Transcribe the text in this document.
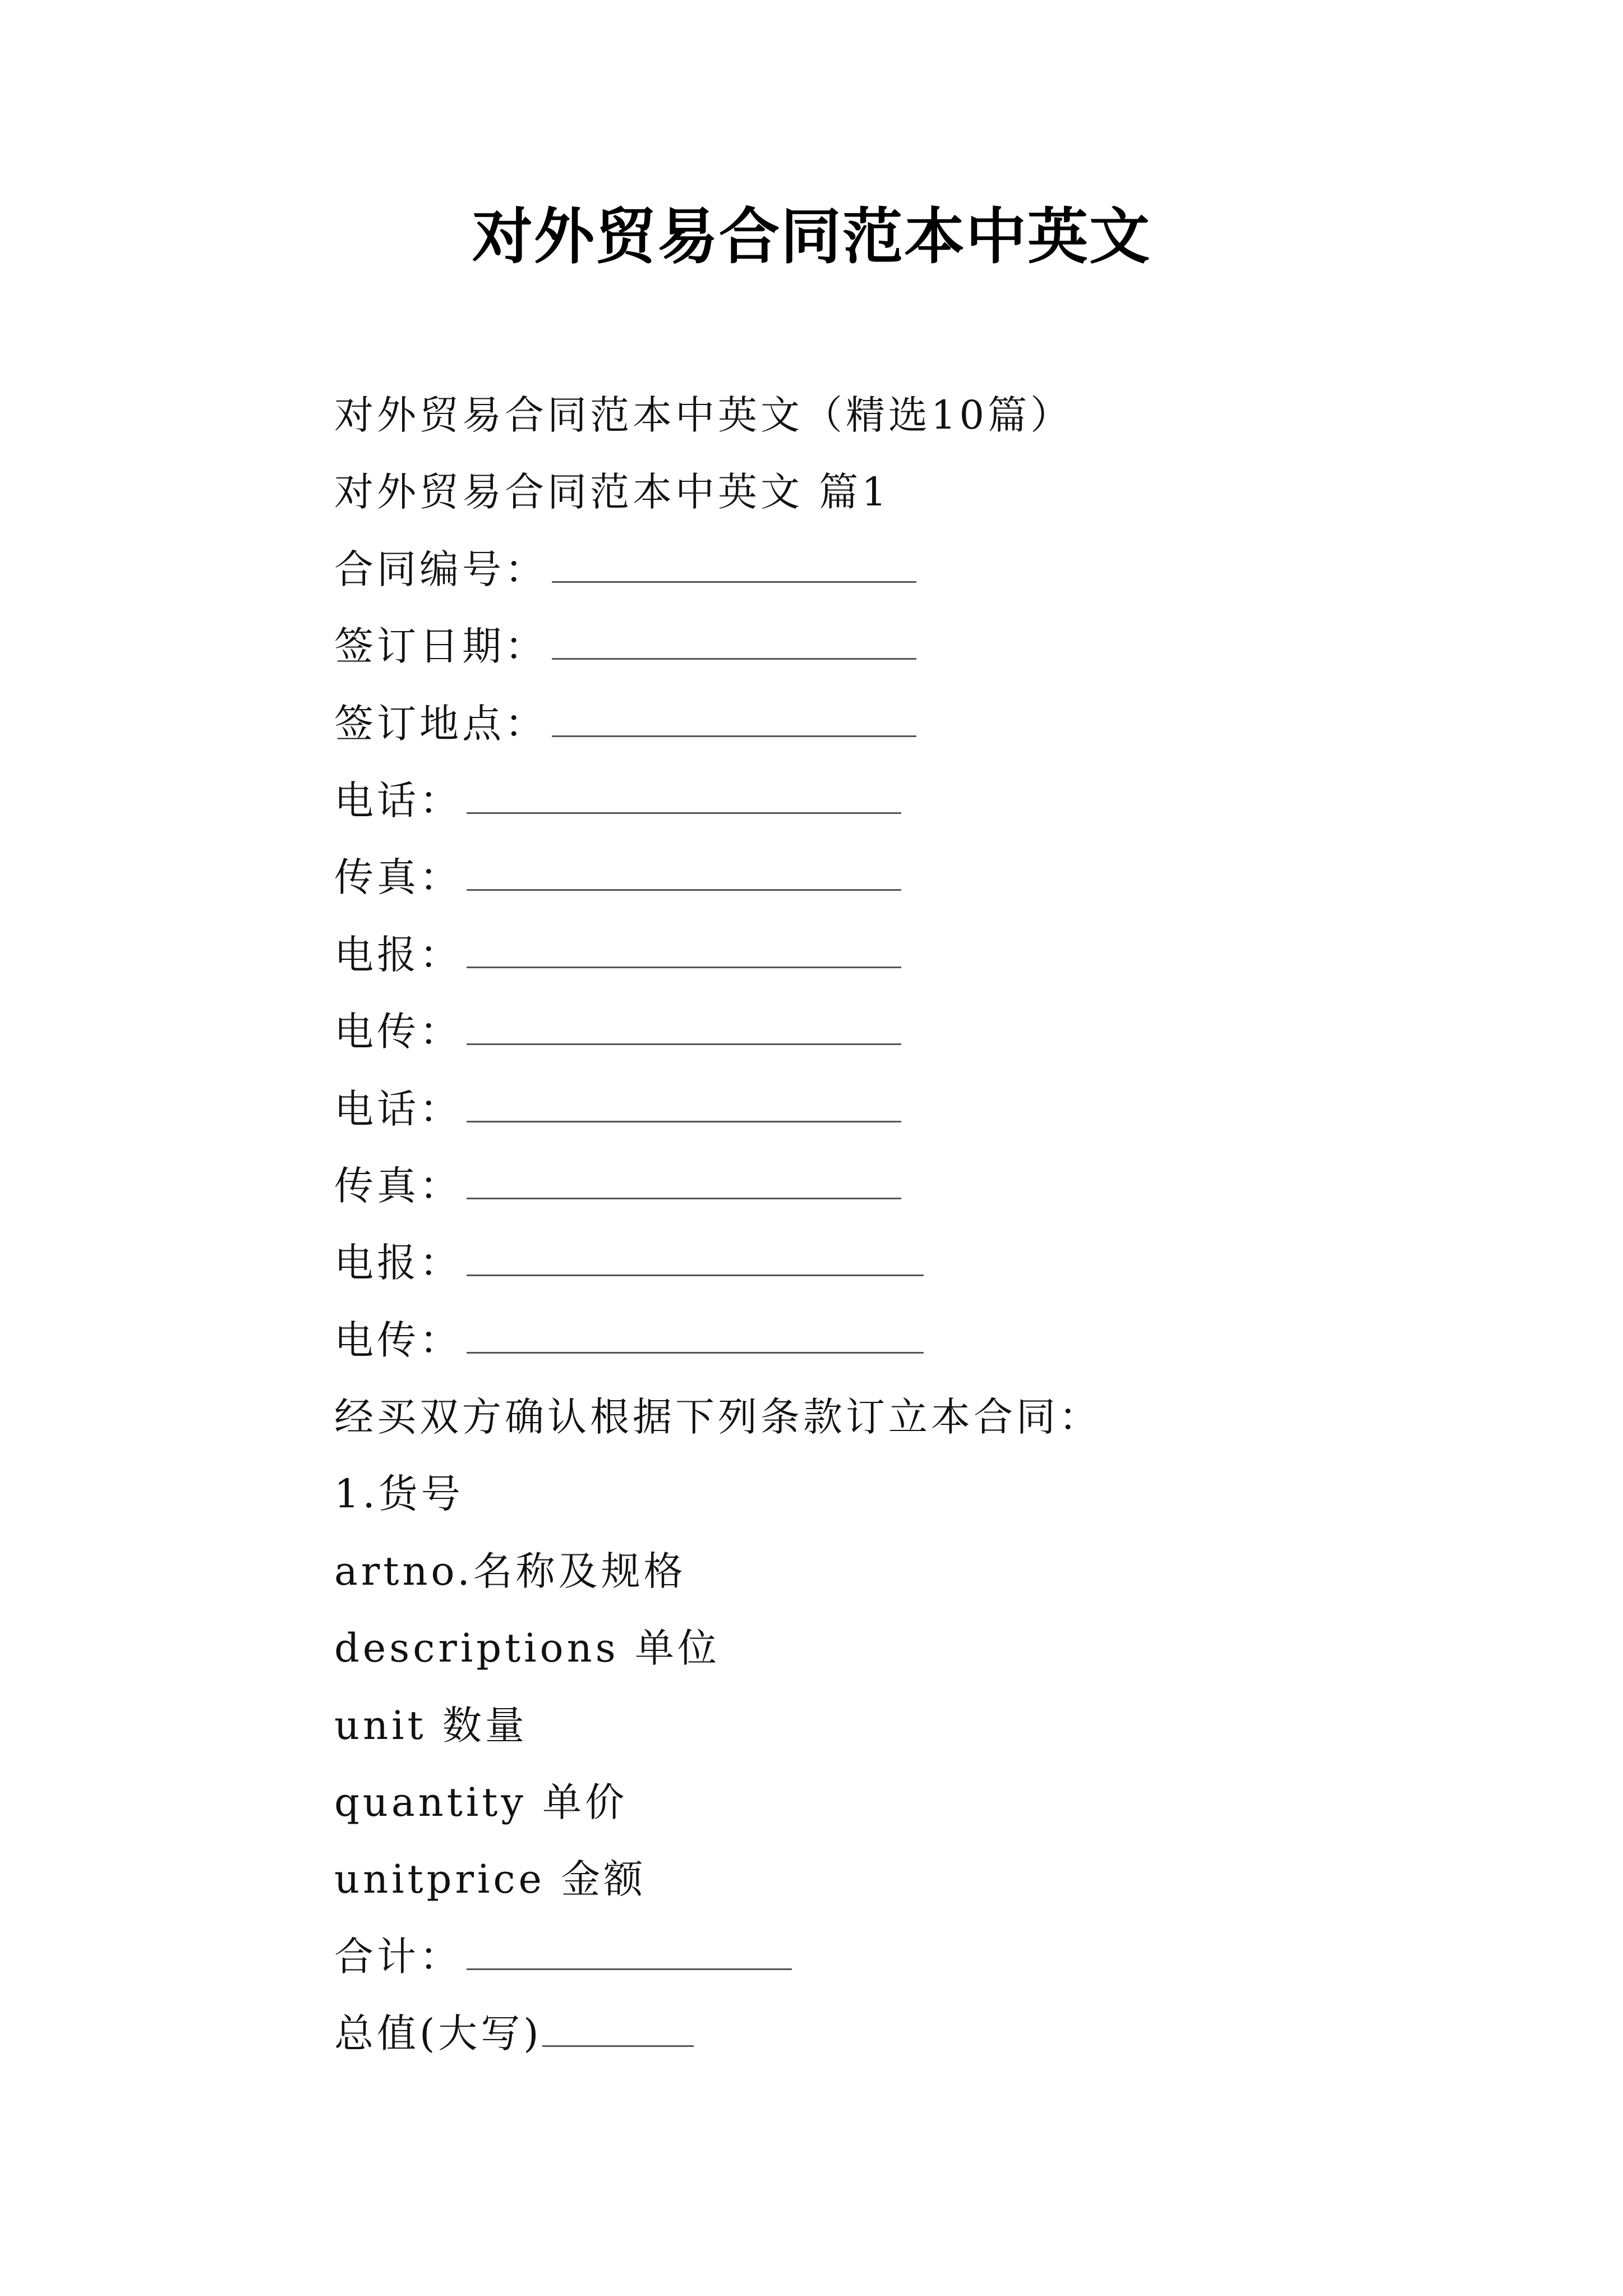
对外贸易合同范本中英文
对外贸易合同范本中英文（精选10篇）
对外贸易合同范本中英文 篇1
合同编号：
签订日期：
签订地点：
电话：
传真：
电报：
电传：
电话：
传真：
电报：
电传：
经买双方确认根据下列条款订立本合同：
1.货号
artno.名称及规格
descriptions 单位
unit 数量
quantity 单价
unitprice 金额
合计：
总值(大写)
